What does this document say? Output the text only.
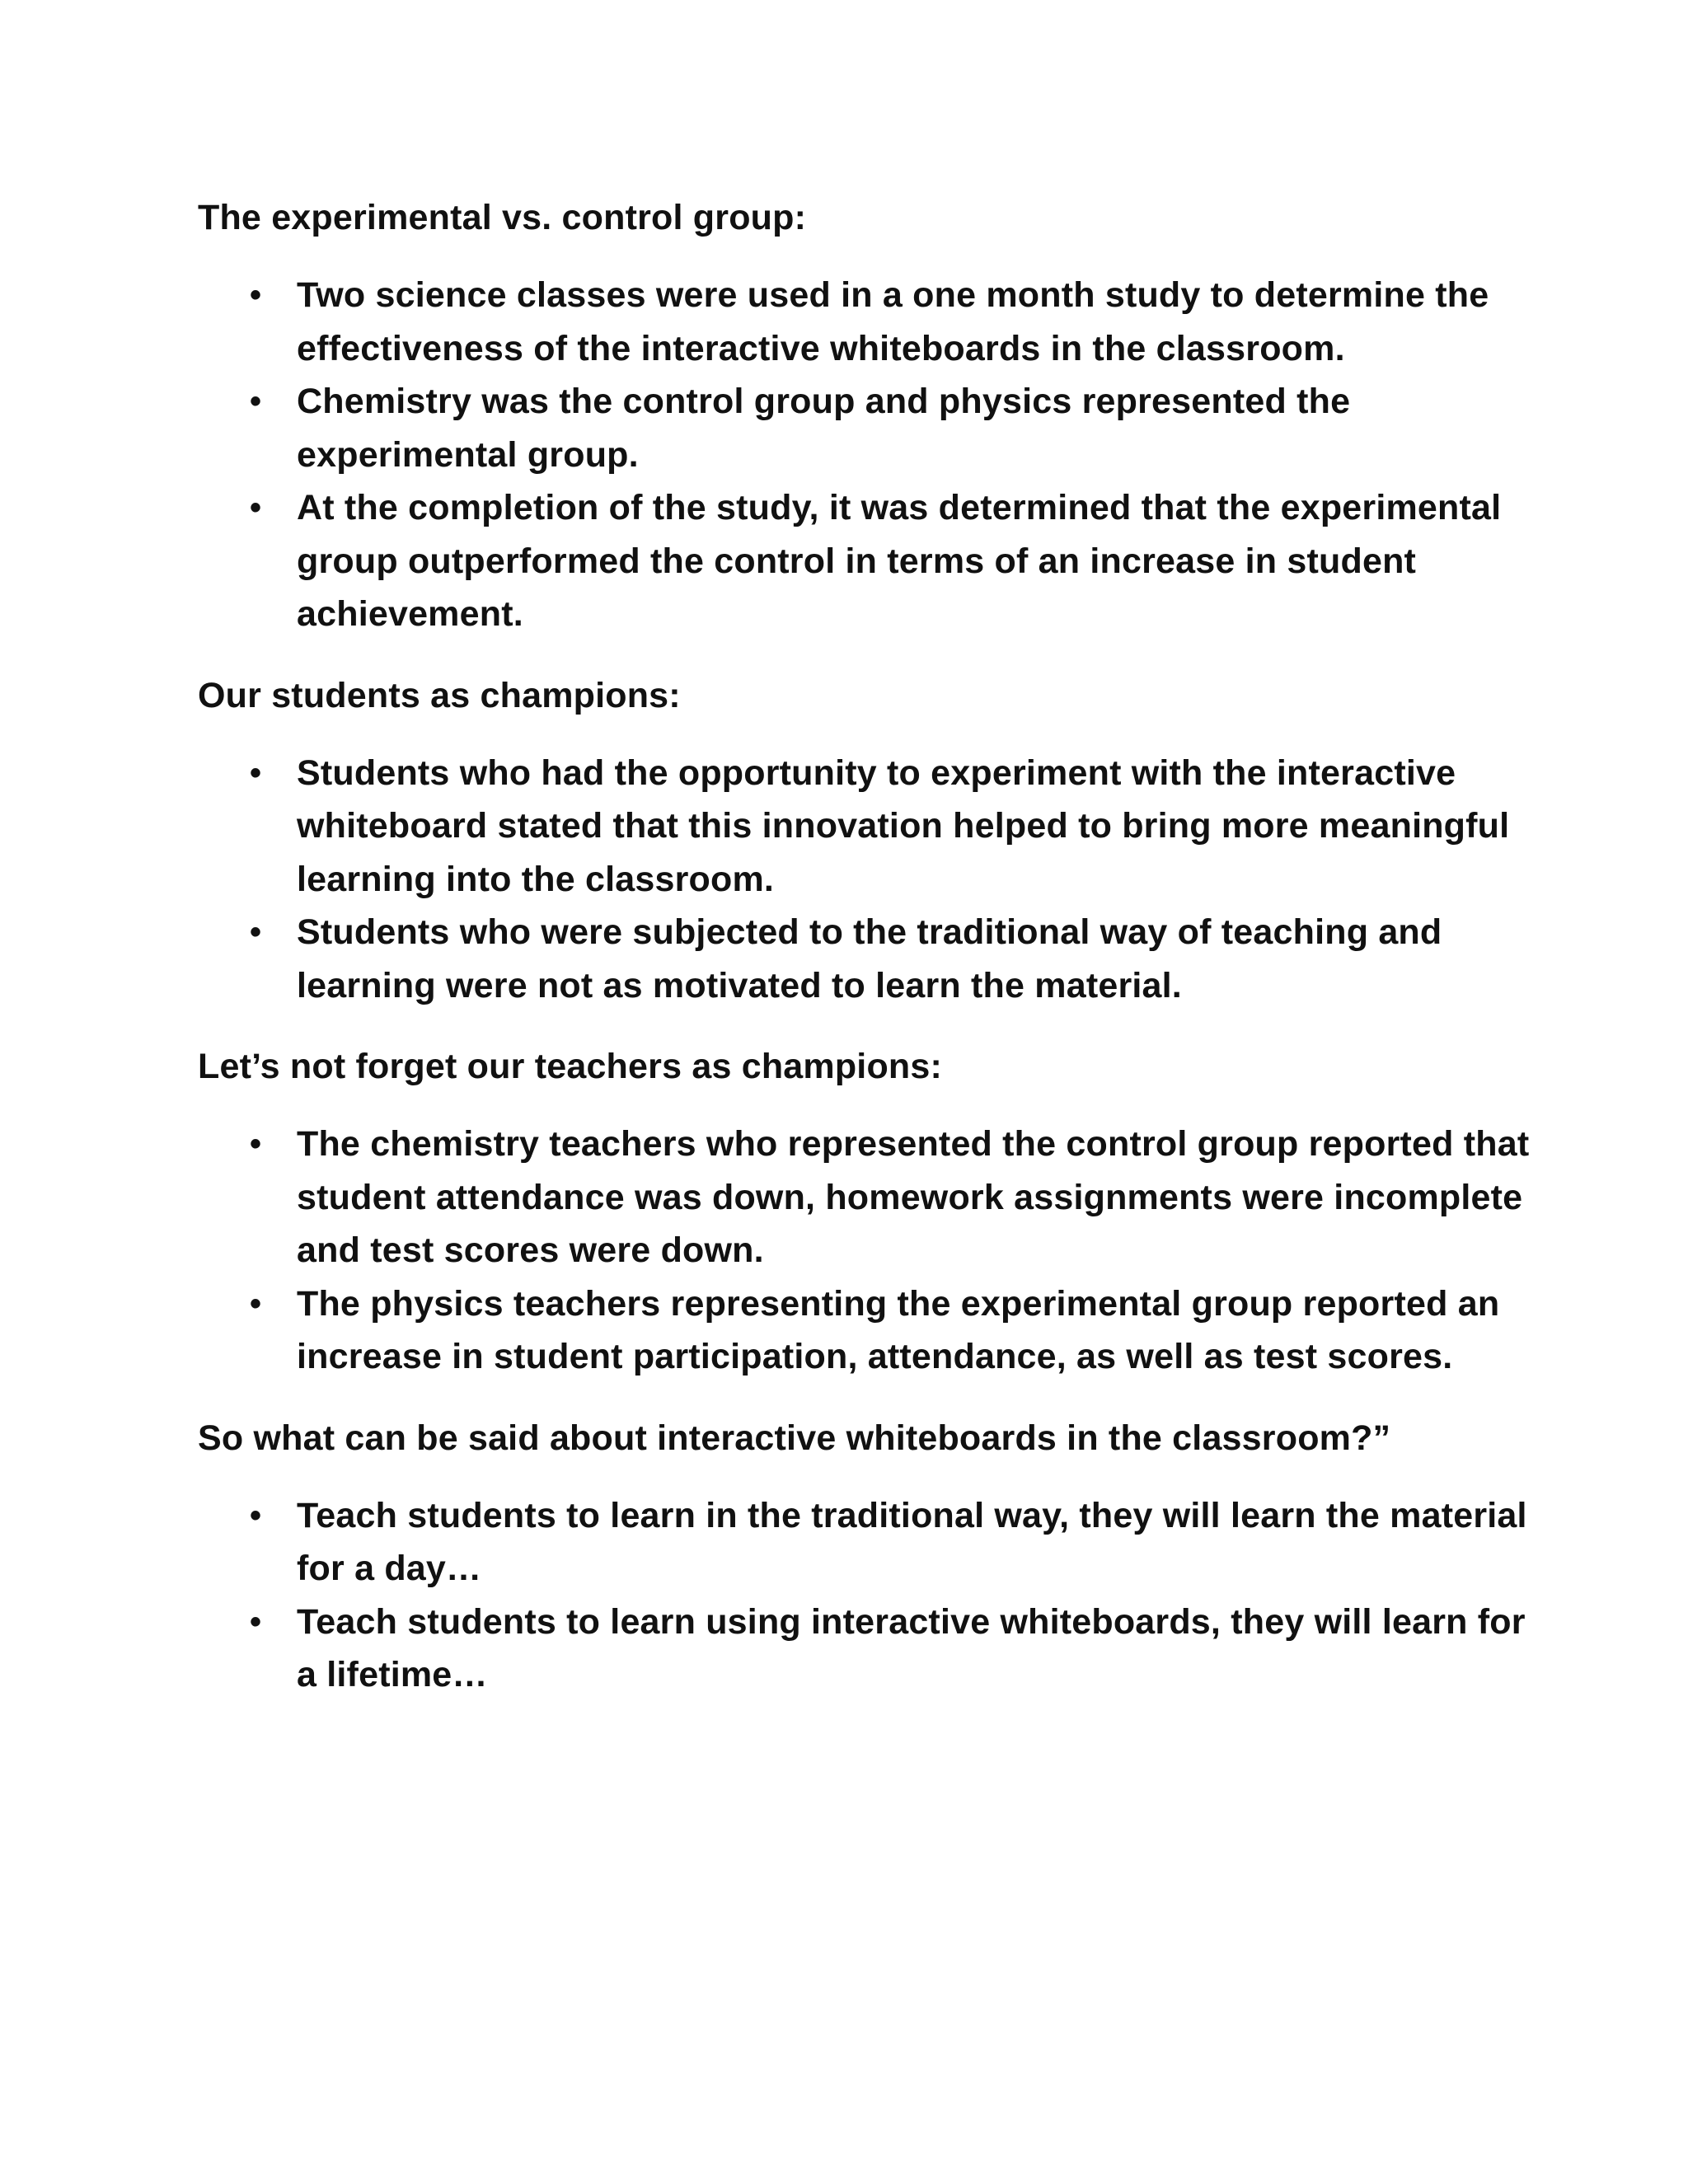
The experimental vs. control group:

• Two science classes were used in a one month study to determine the effectiveness of the interactive whiteboards in the classroom.
• Chemistry was the control group and physics represented the experimental group.
• At the completion of the study, it was determined that the experimental group outperformed the control in terms of an increase in student achievement.

Our students as champions:

• Students who had the opportunity to experiment with the interactive whiteboard stated that this innovation helped to bring more meaningful learning into the classroom.
• Students who were subjected to the traditional way of teaching and learning were not as motivated to learn the material.

Let’s not forget our teachers as champions:

• The chemistry teachers who represented the control group reported that student attendance was down, homework assignments were incomplete and test scores were down.
• The physics teachers representing the experimental group reported an increase in student participation, attendance, as well as test scores.

So what can be said about interactive whiteboards in the classroom?”

• Teach students to learn in the traditional way, they will learn the material for a day…
• Teach students to learn using interactive whiteboards, they will learn for a lifetime…
